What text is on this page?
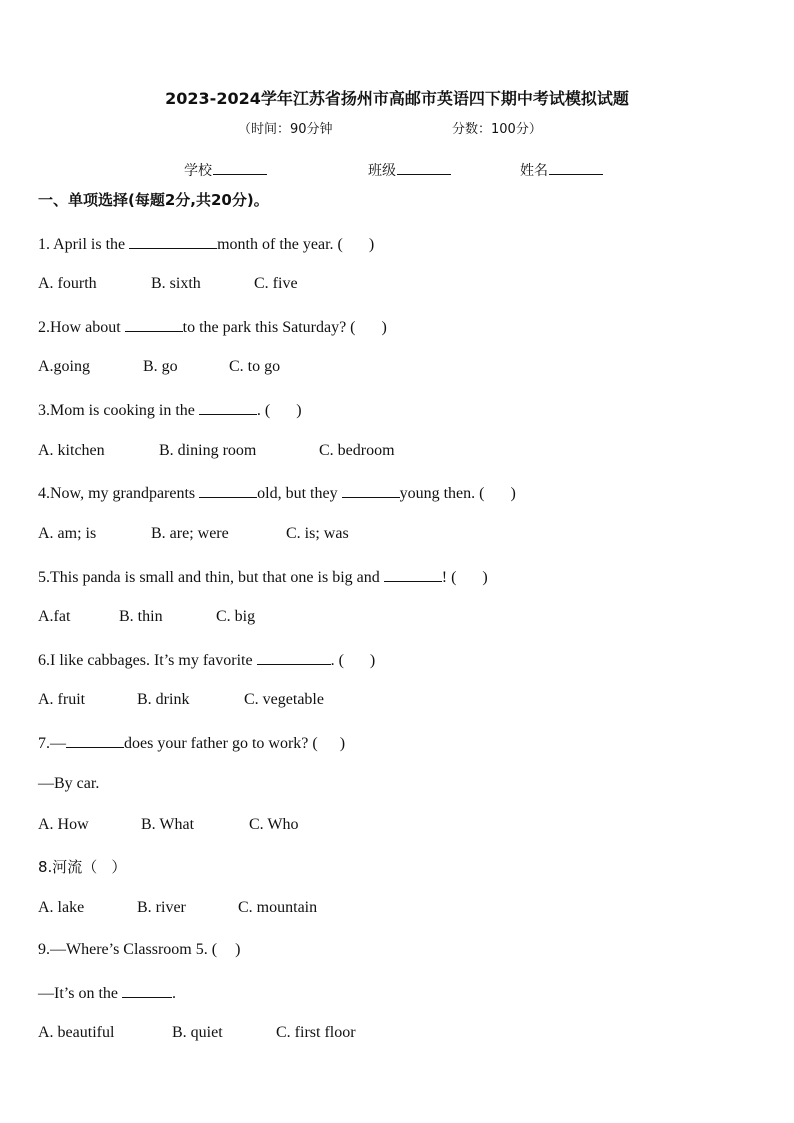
2023-2024学年江苏省扬州市高邮市英语四下期中考试模拟试题
（时间：90分钟	分数：100分）
学校	班级	姓名
一、单项选择(每题2分,共20分)。
1. April is the	month of the year. ( )
A. fourth	B. sixth	C. five
2.How about	to the park this Saturday? ( )
A.going	B. go	C. to go
3.Mom is cooking in the	. ( )
A. kitchen	B. dining room	C. bedroom
4.Now, my grandparents	old, but they	young then. ( )
A. am; is	B. are; were	C. is; was
5.This panda is small and thin, but that one is big and	! ( )
A.fat	B. thin	C. big
6.I like cabbages. It’s my favorite	. ( )
A. fruit	B. drink	C. vegetable
7.—	does your father go to work? ( )
—By car.
A. How	B. What	C. Who
8.河流（ ）
A. lake	B. river	C. mountain
9.—Where’s Classroom 5. ( )
—It’s on the	.
A. beautiful	B. quiet	C. first floor
